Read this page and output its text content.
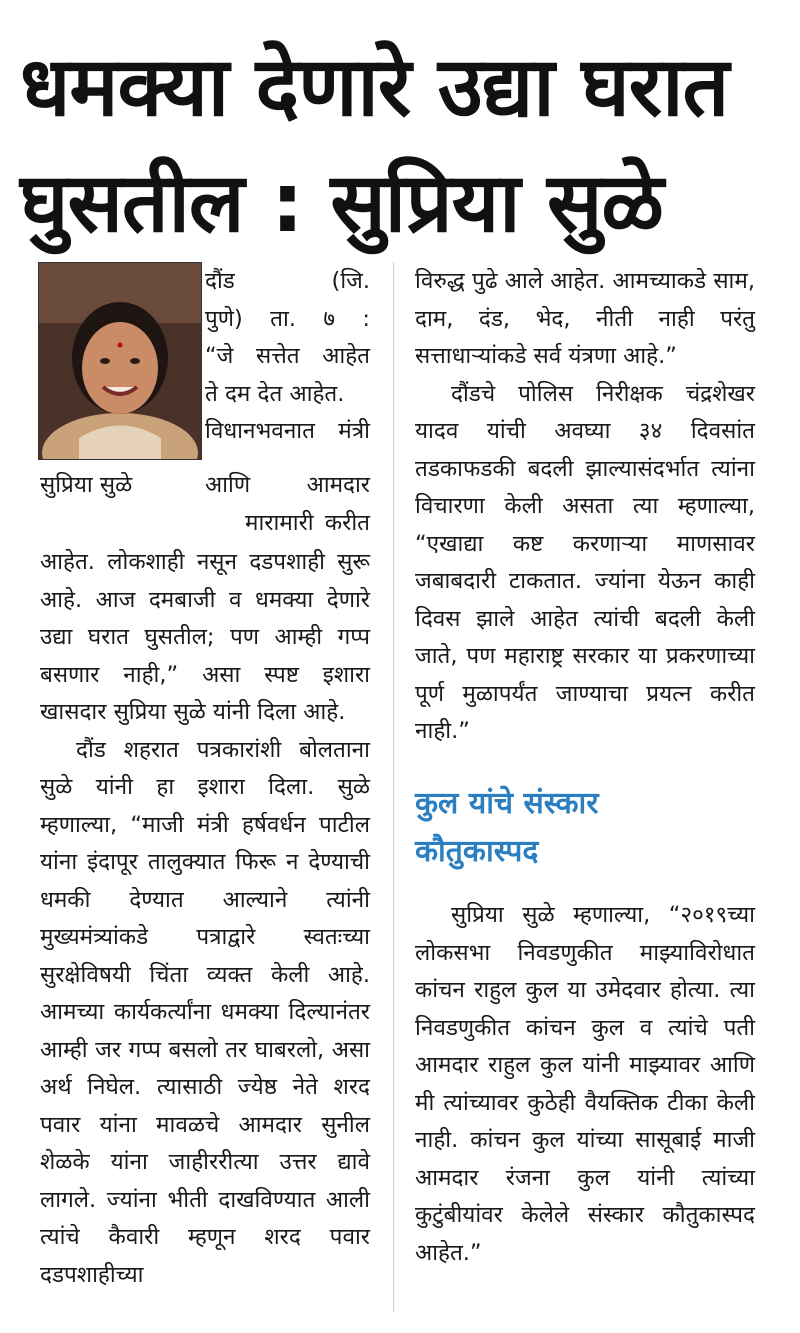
धमक्या देणारे उद्या घरात
घुसतील : सुप्रिया सुळे

दौंड (जि.

पुणे) ता. ७ :

“जे सत्तेत आहेत

ते दम देत आहेत.

विधानभवनात मंत्री

सुप्रिया सुळे	आणि आमदार

मारामारी करीत

आहेत. लोकशाही नसून दडपशाही सुरू आहे. आज दमबाजी व धमक्या देणारे उद्या घरात घुसतील; पण आम्ही गप्प बसणार नाही,” असा स्पष्ट इशारा खासदार सुप्रिया सुळे यांनी दिला आहे.

दौंड शहरात पत्रकारांशी बोलताना सुळे यांनी हा इशारा दिला. सुळे म्हणाल्या, “माजी मंत्री हर्षवर्धन पाटील यांना इंदापूर तालुक्यात फिरू न देण्याची धमकी देण्यात आल्याने त्यांनी मुख्यमंत्र्यांकडे पत्राद्वारे स्वतःच्या सुरक्षेविषयी चिंता व्यक्त केली आहे. आमच्या कार्यकर्त्यांना धमक्या दिल्यानंतर आम्ही जर गप्प बसलो तर घाबरलो, असा अर्थ निघेल. त्यासाठी ज्येष्ठ नेते शरद पवार यांना मावळचे आमदार सुनील शेळके यांना जाहीररीत्या उत्तर द्यावे लागले. ज्यांना भीती दाखविण्यात आली त्यांचे कैवारी म्हणून शरद पवार दडपशाहीच्या

विरुद्ध पुढे आले आहेत. आमच्याकडे साम, दाम, दंड, भेद, नीती नाही परंतु सत्ताधाऱ्यांकडे सर्व यंत्रणा आहे.”

दौंडचे पोलिस निरीक्षक चंद्रशेखर यादव यांची अवघ्या ३४ दिवसांत तडकाफडकी बदली झाल्यासंदर्भात त्यांना विचारणा केली असता त्या म्हणाल्या, “एखाद्या कष्ट करणाऱ्या माणसावर जबाबदारी टाकतात. ज्यांना येऊन काही दिवस झाले आहेत त्यांची बदली केली जाते, पण महाराष्ट्र सरकार या प्रकरणाच्या पूर्ण मुळापर्यंत जाण्याचा प्रयत्न करीत नाही.”

कुल यांचे संस्कार
कौतुकास्पद

सुप्रिया सुळे म्हणाल्या, “२०१९च्या लोकसभा निवडणुकीत माझ्याविरोधात कांचन राहुल कुल या उमेदवार होत्या. त्या निवडणुकीत कांचन कुल व त्यांचे पती आमदार राहुल कुल यांनी माझ्यावर आणि मी त्यांच्यावर कुठेही वैयक्तिक टीका केली नाही. कांचन कुल यांच्या सासूबाई माजी आमदार रंजना कुल यांनी त्यांच्या कुटुंबीयांवर केलेले संस्कार कौतुकास्पद आहेत.”
